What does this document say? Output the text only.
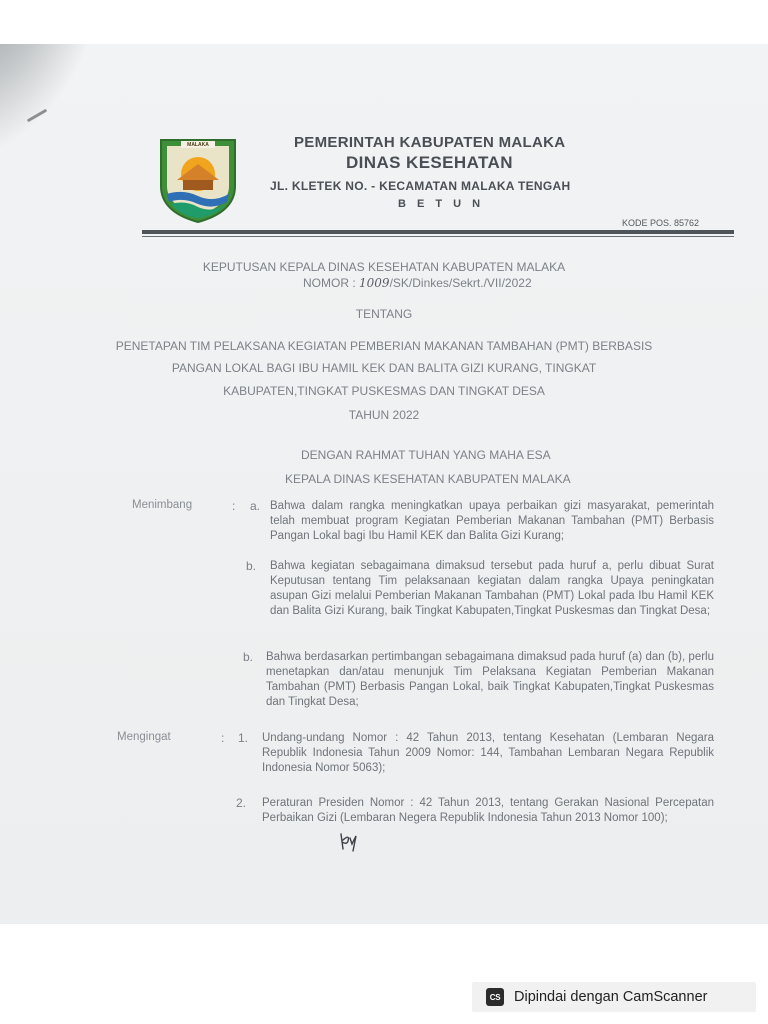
MALAKA	PEMERINTAH KABUPATEN MALAKA
DINAS KESEHATAN
JL. KLETEK NO. - KECAMATAN MALAKA TENGAH
B E T U N
KODE POS. 85762
KEPUTUSAN KEPALA DINAS KESEHATAN KABUPATEN MALAKA
NOMOR : 1009/SK/Dinkes/Sekrt./VII/2022
TENTANG
PENETAPAN TIM PELAKSANA KEGIATAN PEMBERIAN MAKANAN TAMBAHAN (PMT) BERBASIS
PANGAN LOKAL BAGI IBU HAMIL KEK DAN BALITA GIZI KURANG, TINGKAT
KABUPATEN,TINGKAT PUSKESMAS DAN TINGKAT DESA
TAHUN 2022
DENGAN RAHMAT TUHAN YANG MAHA ESA
KEPALA DINAS KESEHATAN KABUPATEN MALAKA
Menimbang	: a. Bahwa dalam rangka meningkatkan upaya perbaikan gizi masyarakat, pemerintah telah membuat program Kegiatan Pemberian Makanan Tambahan (PMT) Berbasis Pangan Lokal bagi Ibu Hamil KEK dan Balita Gizi Kurang;

b. Bahwa kegiatan sebagaimana dimaksud tersebut pada huruf a, perlu dibuat Surat Keputusan tentang Tim pelaksanaan kegiatan dalam rangka Upaya peningkatan asupan Gizi melalui Pemberian Makanan Tambahan (PMT) Lokal pada Ibu Hamil KEK dan Balita Gizi Kurang, baik Tingkat Kabupaten,Tingkat Puskesmas dan Tingkat Desa;

b. Bahwa berdasarkan pertimbangan sebagaimana dimaksud pada huruf (a) dan (b), perlu menetapkan dan/atau menunjuk Tim Pelaksana Kegiatan Pemberian Makanan Tambahan (PMT) Berbasis Pangan Lokal, baik Tingkat Kabupaten,Tingkat Puskesmas dan Tingkat Desa;

Mengingat	: 1. Undang-undang Nomor : 42 Tahun 2013, tentang Kesehatan (Lembaran Negara Republik Indonesia Tahun 2009 Nomor: 144, Tambahan Lembaran Negara Republik Indonesia Nomor 5063);

2. Peraturan Presiden Nomor : 42 Tahun 2013, tentang Gerakan Nasional Percepatan Perbaikan Gizi (Lembaran Negera Republik Indonesia Tahun 2013 Nomor 100);

CS Dipindai dengan CamScanner
